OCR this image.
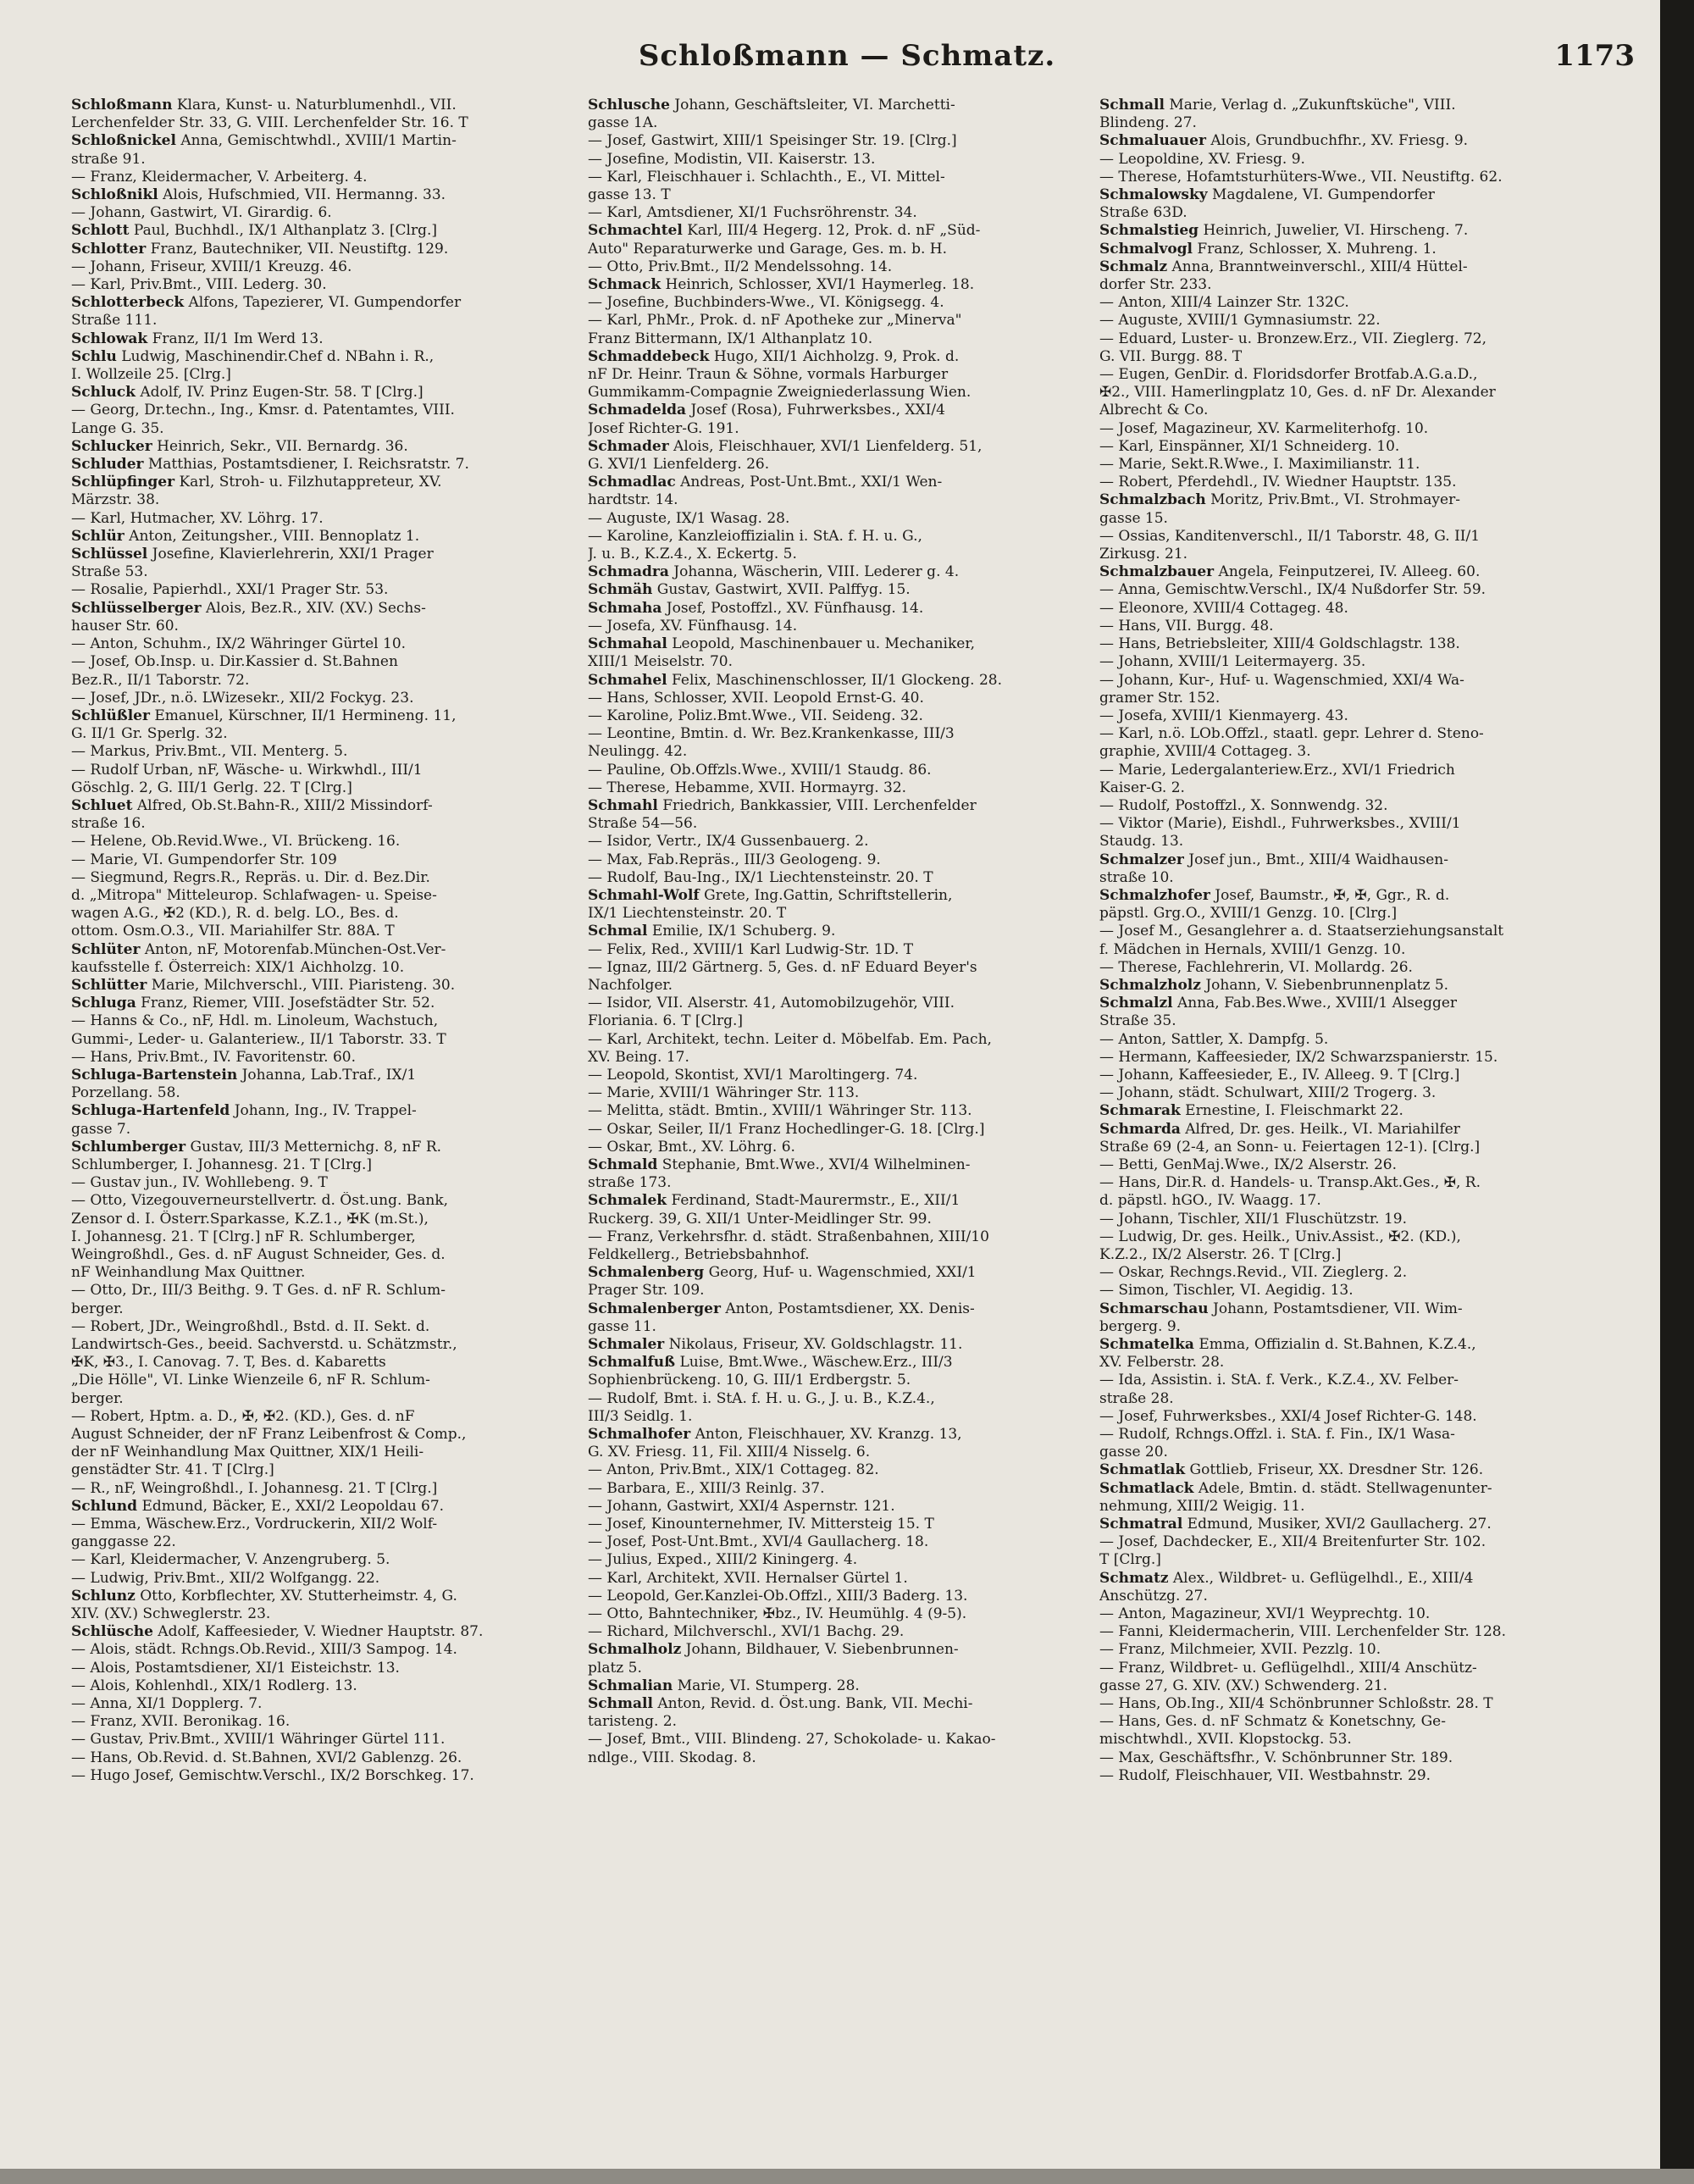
Schloßmann — Schmatz.	1173
Schloßmann Klara, Kunst- u. Naturblumenhdl., VII.
Lerchenfelder Str. 33, G. VIII. Lerchenfelder Str. 16. T
Schloßnickel Anna, Gemischtwhdl., XVIII/1 Martin-
straße 91.
— Franz, Kleidermacher, V. Arbeiterg. 4.
Schloßnikl Alois, Hufschmied, VII. Hermanng. 33.
— Johann, Gastwirt, VI. Girardig. 6.
Schlott Paul, Buchhdl., IX/1 Althanplatz 3. [Clrg.]
Schlotter Franz, Bautechniker, VII. Neustiftg. 129.
— Johann, Friseur, XVIII/1 Kreuzg. 46.
— Karl, Priv.Bmt., VIII. Lederg. 30.
Schlotterbeck Alfons, Tapezierer, VI. Gumpendorfer
Straße 111.
Schlowak Franz, II/1 Im Werd 13.
Schlu Ludwig, Maschinendir.Chef d. NBahn i. R.,
I. Wollzeile 25. [Clrg.]
Schluck Adolf, IV. Prinz Eugen-Str. 58. T [Clrg.]
— Georg, Dr.techn., Ing., Kmsr. d. Patentamtes, VIII.
Lange G. 35.
Schlucker Heinrich, Sekr., VII. Bernardg. 36.
Schluder Matthias, Postamtsdiener, I. Reichsratstr. 7.
Schlüpfinger Karl, Stroh- u. Filzhutappreteur, XV.
Märzstr. 38.
— Karl, Hutmacher, XV. Löhrg. 17.
Schlür Anton, Zeitungsher., VIII. Bennoplatz 1.
Schlüssel Josefine, Klavierlehrerin, XXI/1 Prager
Straße 53.
— Rosalie, Papierhdl., XXI/1 Prager Str. 53.
Schlüsselberger Alois, Bez.R., XIV. (XV.) Sechs-
hauser Str. 60.
— Anton, Schuhm., IX/2 Währinger Gürtel 10.
— Josef, Ob.Insp. u. Dir.Kassier d. St.Bahnen
Bez.R., II/1 Taborstr. 72.
— Josef, JDr., n.ö. LWizesekr., XII/2 Fockyg. 23.
Schlüßler Emanuel, Kürschner, II/1 Hermineng. 11,
G. II/1 Gr. Sperlg. 32.
— Markus, Priv.Bmt., VII. Menterg. 5.
— Rudolf Urban, nF, Wäsche- u. Wirkwhdl., III/1
Göschlg. 2, G. III/1 Gerlg. 22. T [Clrg.]
Schluet Alfred, Ob.St.Bahn-R., XIII/2 Missindorf-
straße 16.
— Helene, Ob.Revid.Wwe., VI. Brückeng. 16.
— Marie, VI. Gumpendorfer Str. 109
— Siegmund, Regrs.R., Repräs. u. Dir. d. Bez.Dir.
d. „Mitropa" Mitteleurop. Schlafwagen- u. Speise-
wagen A.G., ✠2 (KD.), R. d. belg. LO., Bes. d.
ottom. Osm.O.3., VII. Mariahilfer Str. 88A. T
Schlüter Anton, nF, Motorenfab.München-Ost.Ver-
kaufsstelle f. Österreich: XIX/1 Aichholzg. 10.
Schlütter Marie, Milchverschl., VIII. Piaristeng. 30.
Schluga Franz, Riemer, VIII. Josefstädter Str. 52.
— Hanns & Co., nF, Hdl. m. Linoleum, Wachstuch,
Gummi-, Leder- u. Galanteriew., II/1 Taborstr. 33. T
— Hans, Priv.Bmt., IV. Favoritenstr. 60.
Schluga-Bartenstein Johanna, Lab.Traf., IX/1
Porzellang. 58.
Schluga-Hartenfeld Johann, Ing., IV. Trappel-
gasse 7.
Schlumberger Gustav, III/3 Metternichg. 8, nF R.
Schlumberger, I. Johannesg. 21. T [Clrg.]
— Gustav jun., IV. Wohllebeng. 9. T
— Otto, Vizegouverneurstellvertr. d. Öst.ung. Bank,
Zensor d. I. Österr.Sparkasse, K.Z.1., ✠K (m.St.),
I. Johannesg. 21. T [Clrg.] nF R. Schlumberger,
Weingroßhdl., Ges. d. nF August Schneider, Ges. d.
nF Weinhandlung Max Quittner.
— Otto, Dr., III/3 Beithg. 9. T Ges. d. nF R. Schlum-
berger.
— Robert, JDr., Weingroßhdl., Bstd. d. II. Sekt. d.
Landwirtsch-Ges., beeid. Sachverstd. u. Schätzmstr.,
✠K, ✠3., I. Canovag. 7. T, Bes. d. Kabaretts
„Die Hölle", VI. Linke Wienzeile 6, nF R. Schlum-
berger.
— Robert, Hptm. a. D., ✠, ✠2. (KD.), Ges. d. nF
August Schneider, der nF Franz Leibenfrost & Comp.,
der nF Weinhandlung Max Quittner, XIX/1 Heili-
genstädter Str. 41. T [Clrg.]
— R., nF, Weingroßhdl., I. Johannesg. 21. T [Clrg.]
Schlund Edmund, Bäcker, E., XXI/2 Leopoldau 67.
— Emma, Wäschew.Erz., Vordruckerin, XII/2 Wolf-
ganggasse 22.
— Karl, Kleidermacher, V. Anzengruberg. 5.
— Ludwig, Priv.Bmt., XII/2 Wolfgangg. 22.
Schlunz Otto, Korbflechter, XV. Stutterheimstr. 4, G.
XIV. (XV.) Schweglerstr. 23.
Schlüsche Adolf, Kaffeesieder, V. Wiedner Hauptstr. 87.
— Alois, städt. Rchngs.Ob.Revid., XIII/3 Sampog. 14.
— Alois, Postamtsdiener, XI/1 Eisteichstr. 13.
— Alois, Kohlenhdl., XIX/1 Rodlerg. 13.
— Anna, XI/1 Dopplerg. 7.
— Franz, XVII. Beronikag. 16.
— Gustav, Priv.Bmt., XVIII/1 Währinger Gürtel 111.
— Hans, Ob.Revid. d. St.Bahnen, XVI/2 Gablenzg. 26.
— Hugo Josef, Gemischtw.Verschl., IX/2 Borschkeg. 17.
Schlusche Johann, Geschäftsleiter, VI. Marchetti-
gasse 1A.
— Josef, Gastwirt, XIII/1 Speisinger Str. 19. [Clrg.]
— Josefine, Modistin, VII. Kaiserstr. 13.
— Karl, Fleischhauer i. Schlachth., E., VI. Mittel-
gasse 13. T
— Karl, Amtsdiener, XI/1 Fuchsröhrenstr. 34.
Schmachtel Karl, III/4 Hegerg. 12, Prok. d. nF „Süd-
Auto" Reparaturwerke und Garage, Ges. m. b. H.
— Otto, Priv.Bmt., II/2 Mendelssohng. 14.
Schmack Heinrich, Schlosser, XVI/1 Haymerleg. 18.
— Josefine, Buchbinders-Wwe., VI. Königsegg. 4.
— Karl, PhMr., Prok. d. nF Apotheke zur „Minerva"
Franz Bittermann, IX/1 Althanplatz 10.
Schmaddebeck Hugo, XII/1 Aichholzg. 9, Prok. d.
nF Dr. Heinr. Traun & Söhne, vormals Harburger
Gummikamm-Compagnie Zweigniederlassung Wien.
Schmadelda Josef (Rosa), Fuhrwerksbes., XXI/4
Josef Richter-G. 191.
Schmader Alois, Fleischhauer, XVI/1 Lienfelderg. 51,
G. XVI/1 Lienfelderg. 26.
Schmadlac Andreas, Post-Unt.Bmt., XXI/1 Wen-
hardtstr. 14.
— Auguste, IX/1 Wasag. 28.
— Karoline, Kanzleioffizialin i. StA. f. H. u. G.,
J. u. B., K.Z.4., X. Eckertg. 5.
Schmadra Johanna, Wäscherin, VIII. Lederer g. 4.
Schmäh Gustav, Gastwirt, XVII. Palffyg. 15.
Schmaha Josef, Postoffzl., XV. Fünfhausg. 14.
— Josefa, XV. Fünfhausg. 14.
Schmahal Leopold, Maschinenbauer u. Mechaniker,
XIII/1 Meiselstr. 70.
Schmahel Felix, Maschinenschlosser, II/1 Glockeng. 28.
— Hans, Schlosser, XVII. Leopold Ernst-G. 40.
— Karoline, Poliz.Bmt.Wwe., VII. Seideng. 32.
— Leontine, Bmtin. d. Wr. Bez.Krankenkasse, III/3
Neulingg. 42.
— Pauline, Ob.Offzls.Wwe., XVIII/1 Staudg. 86.
— Therese, Hebamme, XVII. Hormayrg. 32.
Schmahl Friedrich, Bankkassier, VIII. Lerchenfelder
Straße 54—56.
— Isidor, Vertr., IX/4 Gussenbauerg. 2.
— Max, Fab.Repräs., III/3 Geologeng. 9.
— Rudolf, Bau-Ing., IX/1 Liechtensteinstr. 20. T
Schmahl-Wolf Grete, Ing.Gattin, Schriftstellerin,
IX/1 Liechtensteinstr. 20. T
Schmal Emilie, IX/1 Schuberg. 9.
— Felix, Red., XVIII/1 Karl Ludwig-Str. 1D. T
— Ignaz, III/2 Gärtnerg. 5, Ges. d. nF Eduard Beyer's
Nachfolger.
— Isidor, VII. Alserstr. 41, Automobilzugehör, VIII.
Floriania. 6. T [Clrg.]
— Karl, Architekt, techn. Leiter d. Möbelfab. Em. Pach,
XV. Being. 17.
— Leopold, Skontist, XVI/1 Maroltingerg. 74.
— Marie, XVIII/1 Währinger Str. 113.
— Melitta, städt. Bmtin., XVIII/1 Währinger Str. 113.
— Oskar, Seiler, II/1 Franz Hochedlinger-G. 18. [Clrg.]
— Oskar, Bmt., XV. Löhrg. 6.
Schmald Stephanie, Bmt.Wwe., XVI/4 Wilhelminen-
straße 173.
Schmalek Ferdinand, Stadt-Maurermstr., E., XII/1
Ruckerg. 39, G. XII/1 Unter-Meidlinger Str. 99.
— Franz, Verkehrsfhr. d. städt. Straßenbahnen, XIII/10
Feldkellerg., Betriebsbahnhof.
Schmalenberg Georg, Huf- u. Wagenschmied, XXI/1
Prager Str. 109.
Schmalenberger Anton, Postamtsdiener, XX. Denis-
gasse 11.
Schmaler Nikolaus, Friseur, XV. Goldschlagstr. 11.
Schmalfuß Luise, Bmt.Wwe., Wäschew.Erz., III/3
Sophienbrückeng. 10, G. III/1 Erdbergstr. 5.
— Rudolf, Bmt. i. StA. f. H. u. G., J. u. B., K.Z.4.,
III/3 Seidlg. 1.
Schmalhofer Anton, Fleischhauer, XV. Kranzg. 13,
G. XV. Friesg. 11, Fil. XIII/4 Nisselg. 6.
— Anton, Priv.Bmt., XIX/1 Cottageg. 82.
— Barbara, E., XIII/3 Reinlg. 37.
— Johann, Gastwirt, XXI/4 Aspernstr. 121.
— Josef, Kinounternehmer, IV. Mittersteig 15. T
— Josef, Post-Unt.Bmt., XVI/4 Gaullacherg. 18.
— Julius, Exped., XIII/2 Kiningerg. 4.
— Karl, Architekt, XVII. Hernalser Gürtel 1.
— Leopold, Ger.Kanzlei-Ob.Offzl., XIII/3 Baderg. 13.
— Otto, Bahntechniker, ✠bz., IV. Heumühlg. 4 (9-5).
— Richard, Milchverschl., XVI/1 Bachg. 29.
Schmalholz Johann, Bildhauer, V. Siebenbrunnen-
platz 5.
Schmalian Marie, VI. Stumperg. 28.
Schmall Anton, Revid. d. Öst.ung. Bank, VII. Mechi-
taristeng. 2.
— Josef, Bmt., VIII. Blindeng. 27, Schokolade- u. Kakao-
ndlge., VIII. Skodag. 8.
Schmall Marie, Verlag d. „Zukunftsküche", VIII.
Blindeng. 27.
Schmaluauer Alois, Grundbuchfhr., XV. Friesg. 9.
— Leopoldine, XV. Friesg. 9.
— Therese, Hofamtsturhüters-Wwe., VII. Neustiftg. 62.
Schmalowsky Magdalene, VI. Gumpendorfer
Straße 63D.
Schmalstieg Heinrich, Juwelier, VI. Hirscheng. 7.
Schmalvogl Franz, Schlosser, X. Muhreng. 1.
Schmalz Anna, Branntweinverschl., XIII/4 Hüttel-
dorfer Str. 233.
— Anton, XIII/4 Lainzer Str. 132C.
— Auguste, XVIII/1 Gymnasiumstr. 22.
— Eduard, Luster- u. Bronzew.Erz., VII. Zieglerg. 72,
G. VII. Burgg. 88. T
— Eugen, GenDir. d. Floridsdorfer Brotfab.A.G.a.D.,
✠2., VIII. Hamerlingplatz 10, Ges. d. nF Dr. Alexander
Albrecht & Co.
— Josef, Magazineur, XV. Karmeliterhofg. 10.
— Karl, Einspänner, XI/1 Schneiderg. 10.
— Marie, Sekt.R.Wwe., I. Maximilianstr. 11.
— Robert, Pferdehdl., IV. Wiedner Hauptstr. 135.
Schmalzbach Moritz, Priv.Bmt., VI. Strohmayer-
gasse 15.
— Ossias, Kanditenverschl., II/1 Taborstr. 48, G. II/1
Zirkusg. 21.
Schmalzbauer Angela, Feinputzerei, IV. Alleeg. 60.
— Anna, Gemischtw.Verschl., IX/4 Nußdorfer Str. 59.
— Eleonore, XVIII/4 Cottageg. 48.
— Hans, VII. Burgg. 48.
— Hans, Betriebsleiter, XIII/4 Goldschlagstr. 138.
— Johann, XVIII/1 Leitermayerg. 35.
— Johann, Kur-, Huf- u. Wagenschmied, XXI/4 Wa-
gramer Str. 152.
— Josefa, XVIII/1 Kienmayerg. 43.
— Karl, n.ö. LOb.Offzl., staatl. gepr. Lehrer d. Steno-
graphie, XVIII/4 Cottageg. 3.
— Marie, Ledergalanteriew.Erz., XVI/1 Friedrich
Kaiser-G. 2.
— Rudolf, Postoffzl., X. Sonnwendg. 32.
— Viktor (Marie), Eishdl., Fuhrwerksbes., XVIII/1
Staudg. 13.
Schmalzer Josef jun., Bmt., XIII/4 Waidhausen-
straße 10.
Schmalzhofer Josef, Baumstr., ✠, ✠, Ggr., R. d.
päpstl. Grg.O., XVIII/1 Genzg. 10. [Clrg.]
— Josef M., Gesanglehrer a. d. Staatserziehungsanstalt
f. Mädchen in Hernals, XVIII/1 Genzg. 10.
— Therese, Fachlehrerin, VI. Mollardg. 26.
Schmalzholz Johann, V. Siebenbrunnenplatz 5.
Schmalzl Anna, Fab.Bes.Wwe., XVIII/1 Alsegger
Straße 35.
— Anton, Sattler, X. Dampfg. 5.
— Hermann, Kaffeesieder, IX/2 Schwarzspanierstr. 15.
— Johann, Kaffeesieder, E., IV. Alleeg. 9. T [Clrg.]
— Johann, städt. Schulwart, XIII/2 Trogerg. 3.
Schmarak Ernestine, I. Fleischmarkt 22.
Schmarda Alfred, Dr. ges. Heilk., VI. Mariahilfer
Straße 69 (2-4, an Sonn- u. Feiertagen 12-1). [Clrg.]
— Betti, GenMaj.Wwe., IX/2 Alserstr. 26.
— Hans, Dir.R. d. Handels- u. Transp.Akt.Ges., ✠, R.
d. päpstl. hGO., IV. Waagg. 17.
— Johann, Tischler, XII/1 Fluschützstr. 19.
— Ludwig, Dr. ges. Heilk., Univ.Assist., ✠2. (KD.),
K.Z.2., IX/2 Alserstr. 26. T [Clrg.]
— Oskar, Rechngs.Revid., VII. Zieglerg. 2.
— Simon, Tischler, VI. Aegidig. 13.
Schmarschau Johann, Postamtsdiener, VII. Wim-
bergerg. 9.
Schmatelka Emma, Offizialin d. St.Bahnen, K.Z.4.,
XV. Felberstr. 28.
— Ida, Assistin. i. StA. f. Verk., K.Z.4., XV. Felber-
straße 28.
— Josef, Fuhrwerksbes., XXI/4 Josef Richter-G. 148.
— Rudolf, Rchngs.Offzl. i. StA. f. Fin., IX/1 Wasa-
gasse 20.
Schmatlak Gottlieb, Friseur, XX. Dresdner Str. 126.
Schmatlack Adele, Bmtin. d. städt. Stellwagenunter-
nehmung, XIII/2 Weigig. 11.
Schmatral Edmund, Musiker, XVI/2 Gaullacherg. 27.
— Josef, Dachdecker, E., XII/4 Breitenfurter Str. 102.
T [Clrg.]
Schmatz Alex., Wildbret- u. Geflügelhdl., E., XIII/4
Anschützg. 27.
— Anton, Magazineur, XVI/1 Weyprechtg. 10.
— Fanni, Kleidermacherin, VIII. Lerchenfelder Str. 128.
— Franz, Milchmeier, XVII. Pezzlg. 10.
— Franz, Wildbret- u. Geflügelhdl., XIII/4 Anschütz-
gasse 27, G. XIV. (XV.) Schwenderg. 21.
— Hans, Ob.Ing., XII/4 Schönbrunner Schloßstr. 28. T
— Hans, Ges. d. nF Schmatz & Konetschny, Ge-
mischtwhdl., XVII. Klopstockg. 53.
— Max, Geschäftsfhr., V. Schönbrunner Str. 189.
— Rudolf, Fleischhauer, VII. Westbahnstr. 29.
